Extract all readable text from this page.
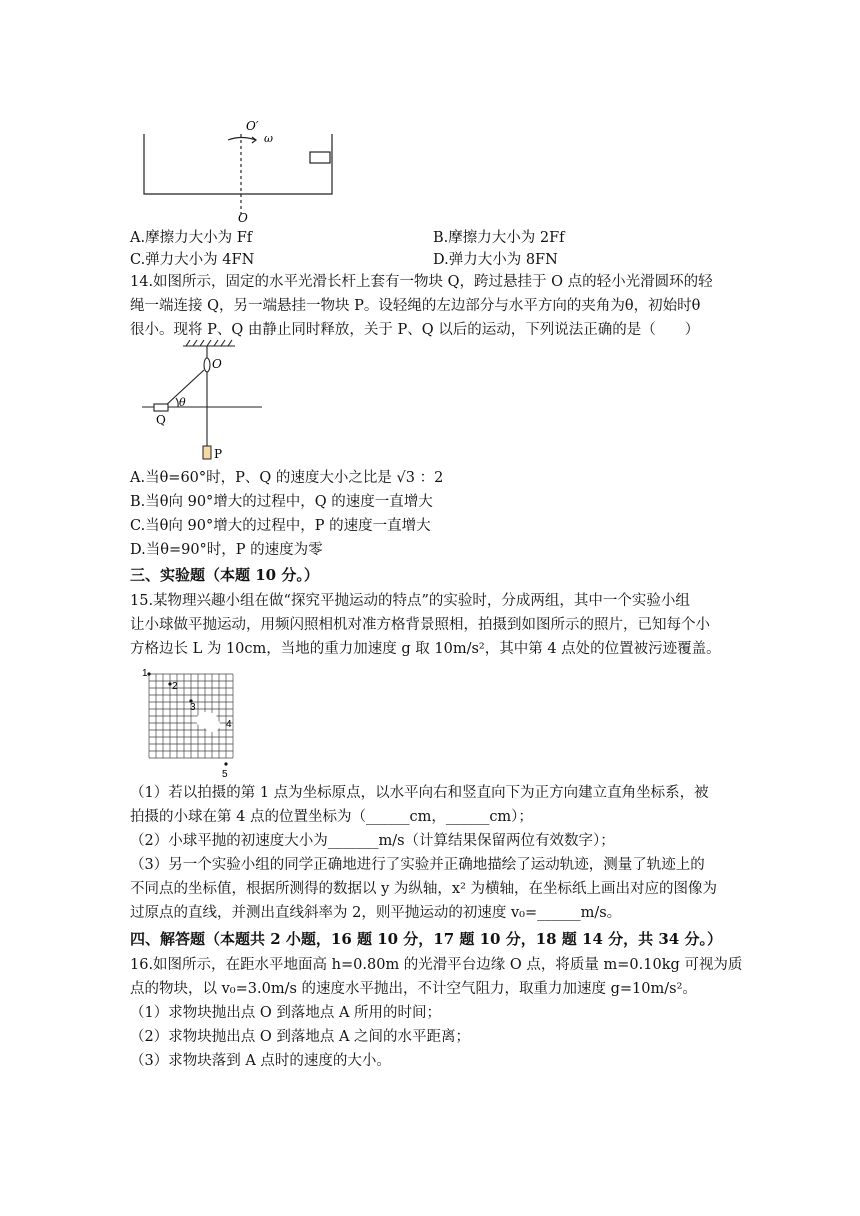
O′
ω
O
A.摩擦力大小为 Ff	B.摩擦力大小为 2Ff
C.弹力大小为 4FN	D.弹力大小为 8FN
14.如图所示，固定的水平光滑长杆上套有一物块 Q，跨过悬挂于 O 点的轻小光滑圆环的轻
绳一端连接 Q，另一端悬挂一物块 P。设轻绳的左边部分与水平方向的夹角为θ，初始时θ
很小。现将 P、Q 由静止同时释放，关于 P、Q 以后的运动，下列说法正确的是（　　）
O
θ
Q
P
A.当θ=60°时，P、Q 的速度大小之比是 √3 ：2
B.当θ向 90°增大的过程中，Q 的速度一直增大
C.当θ向 90°增大的过程中，P 的速度一直增大
D.当θ=90°时，P 的速度为零
三、实验题（本题 10 分。）
15.某物理兴趣小组在做“探究平抛运动的特点”的实验时，分成两组，其中一个实验小组
让小球做平抛运动，用频闪照相机对准方格背景照相，拍摄到如图所示的照片，已知每个小
方格边长 L 为 10cm，当地的重力加速度 g 取 10m/s²，其中第 4 点处的位置被污迹覆盖。
1
2
3
4
5
（1）若以拍摄的第 1 点为坐标原点，以水平向右和竖直向下为正方向建立直角坐标系，被
拍摄的小球在第 4 点的位置坐标为（______cm，______cm）；
（2）小球平抛的初速度大小为_______m/s（计算结果保留两位有效数字）；
（3）另一个实验小组的同学正确地进行了实验并正确地描绘了运动轨迹，测量了轨迹上的
不同点的坐标值，根据所测得的数据以 y 为纵轴，x² 为横轴，在坐标纸上画出对应的图像为
过原点的直线，并测出直线斜率为 2，则平抛运动的初速度 v₀=______m/s。
四、解答题（本题共 2 小题，16 题 10 分，17 题 10 分，18 题 14 分，共 34 分。）
16.如图所示，在距水平地面高 h=0.80m 的光滑平台边缘 O 点，将质量 m=0.10kg 可视为质
点的物块，以 v₀=3.0m/s 的速度水平抛出，不计空气阻力，取重力加速度 g=10m/s²。
（1）求物块抛出点 O 到落地点 A 所用的时间；
（2）求物块抛出点 O 到落地点 A 之间的水平距离；
（3）求物块落到 A 点时的速度的大小。
